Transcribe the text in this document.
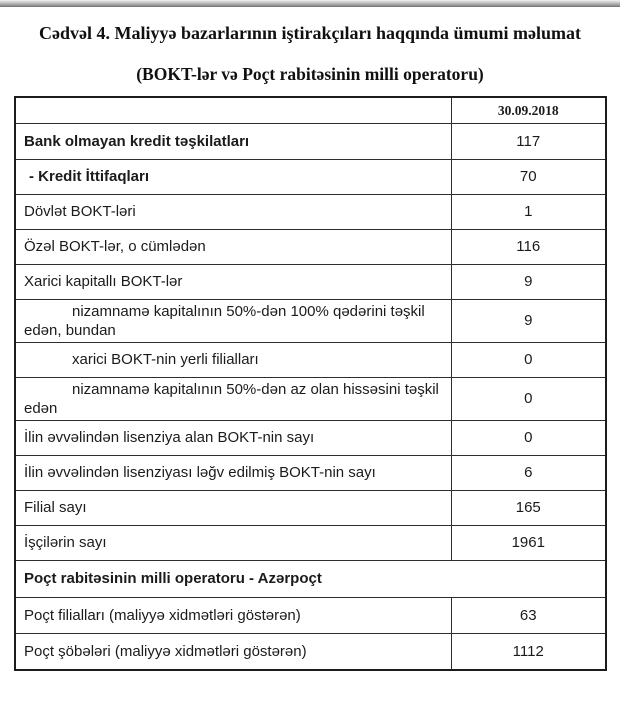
Cədvəl 4. Maliyyə bazarlarının iştirakçıları haqqında ümumi məlumat
(BOKT-lər və Poçt rabitəsinin milli operatoru)
	30.09.2018
Bank olmayan kredit təşkilatları	117
- Kredit İttifaqları	70
Dövlət BOKT-ləri	1
Özəl BOKT-lər, o cümlədən	116
Xarici kapitallı BOKT-lər	9
nizamnamə kapitalının 50%-dən 100% qədərini təşkil edən, bundan	9
xarici BOKT-nin yerli filialları	0
nizamnamə kapitalının 50%-dən az olan hissəsini təşkil edən	0
İlin əvvəlindən lisenziya alan BOKT-nin sayı	0
İlin əvvəlindən lisenziyası ləğv edilmiş BOKT-nin sayı	6
Filial sayı	165
İşçilərin sayı	1961
Poçt rabitəsinin milli operatoru - Azərpoçt	
Poçt filialları (maliyyə xidmətləri göstərən)	63
Poçt şöbələri (maliyyə xidmətləri göstərən)	1112
